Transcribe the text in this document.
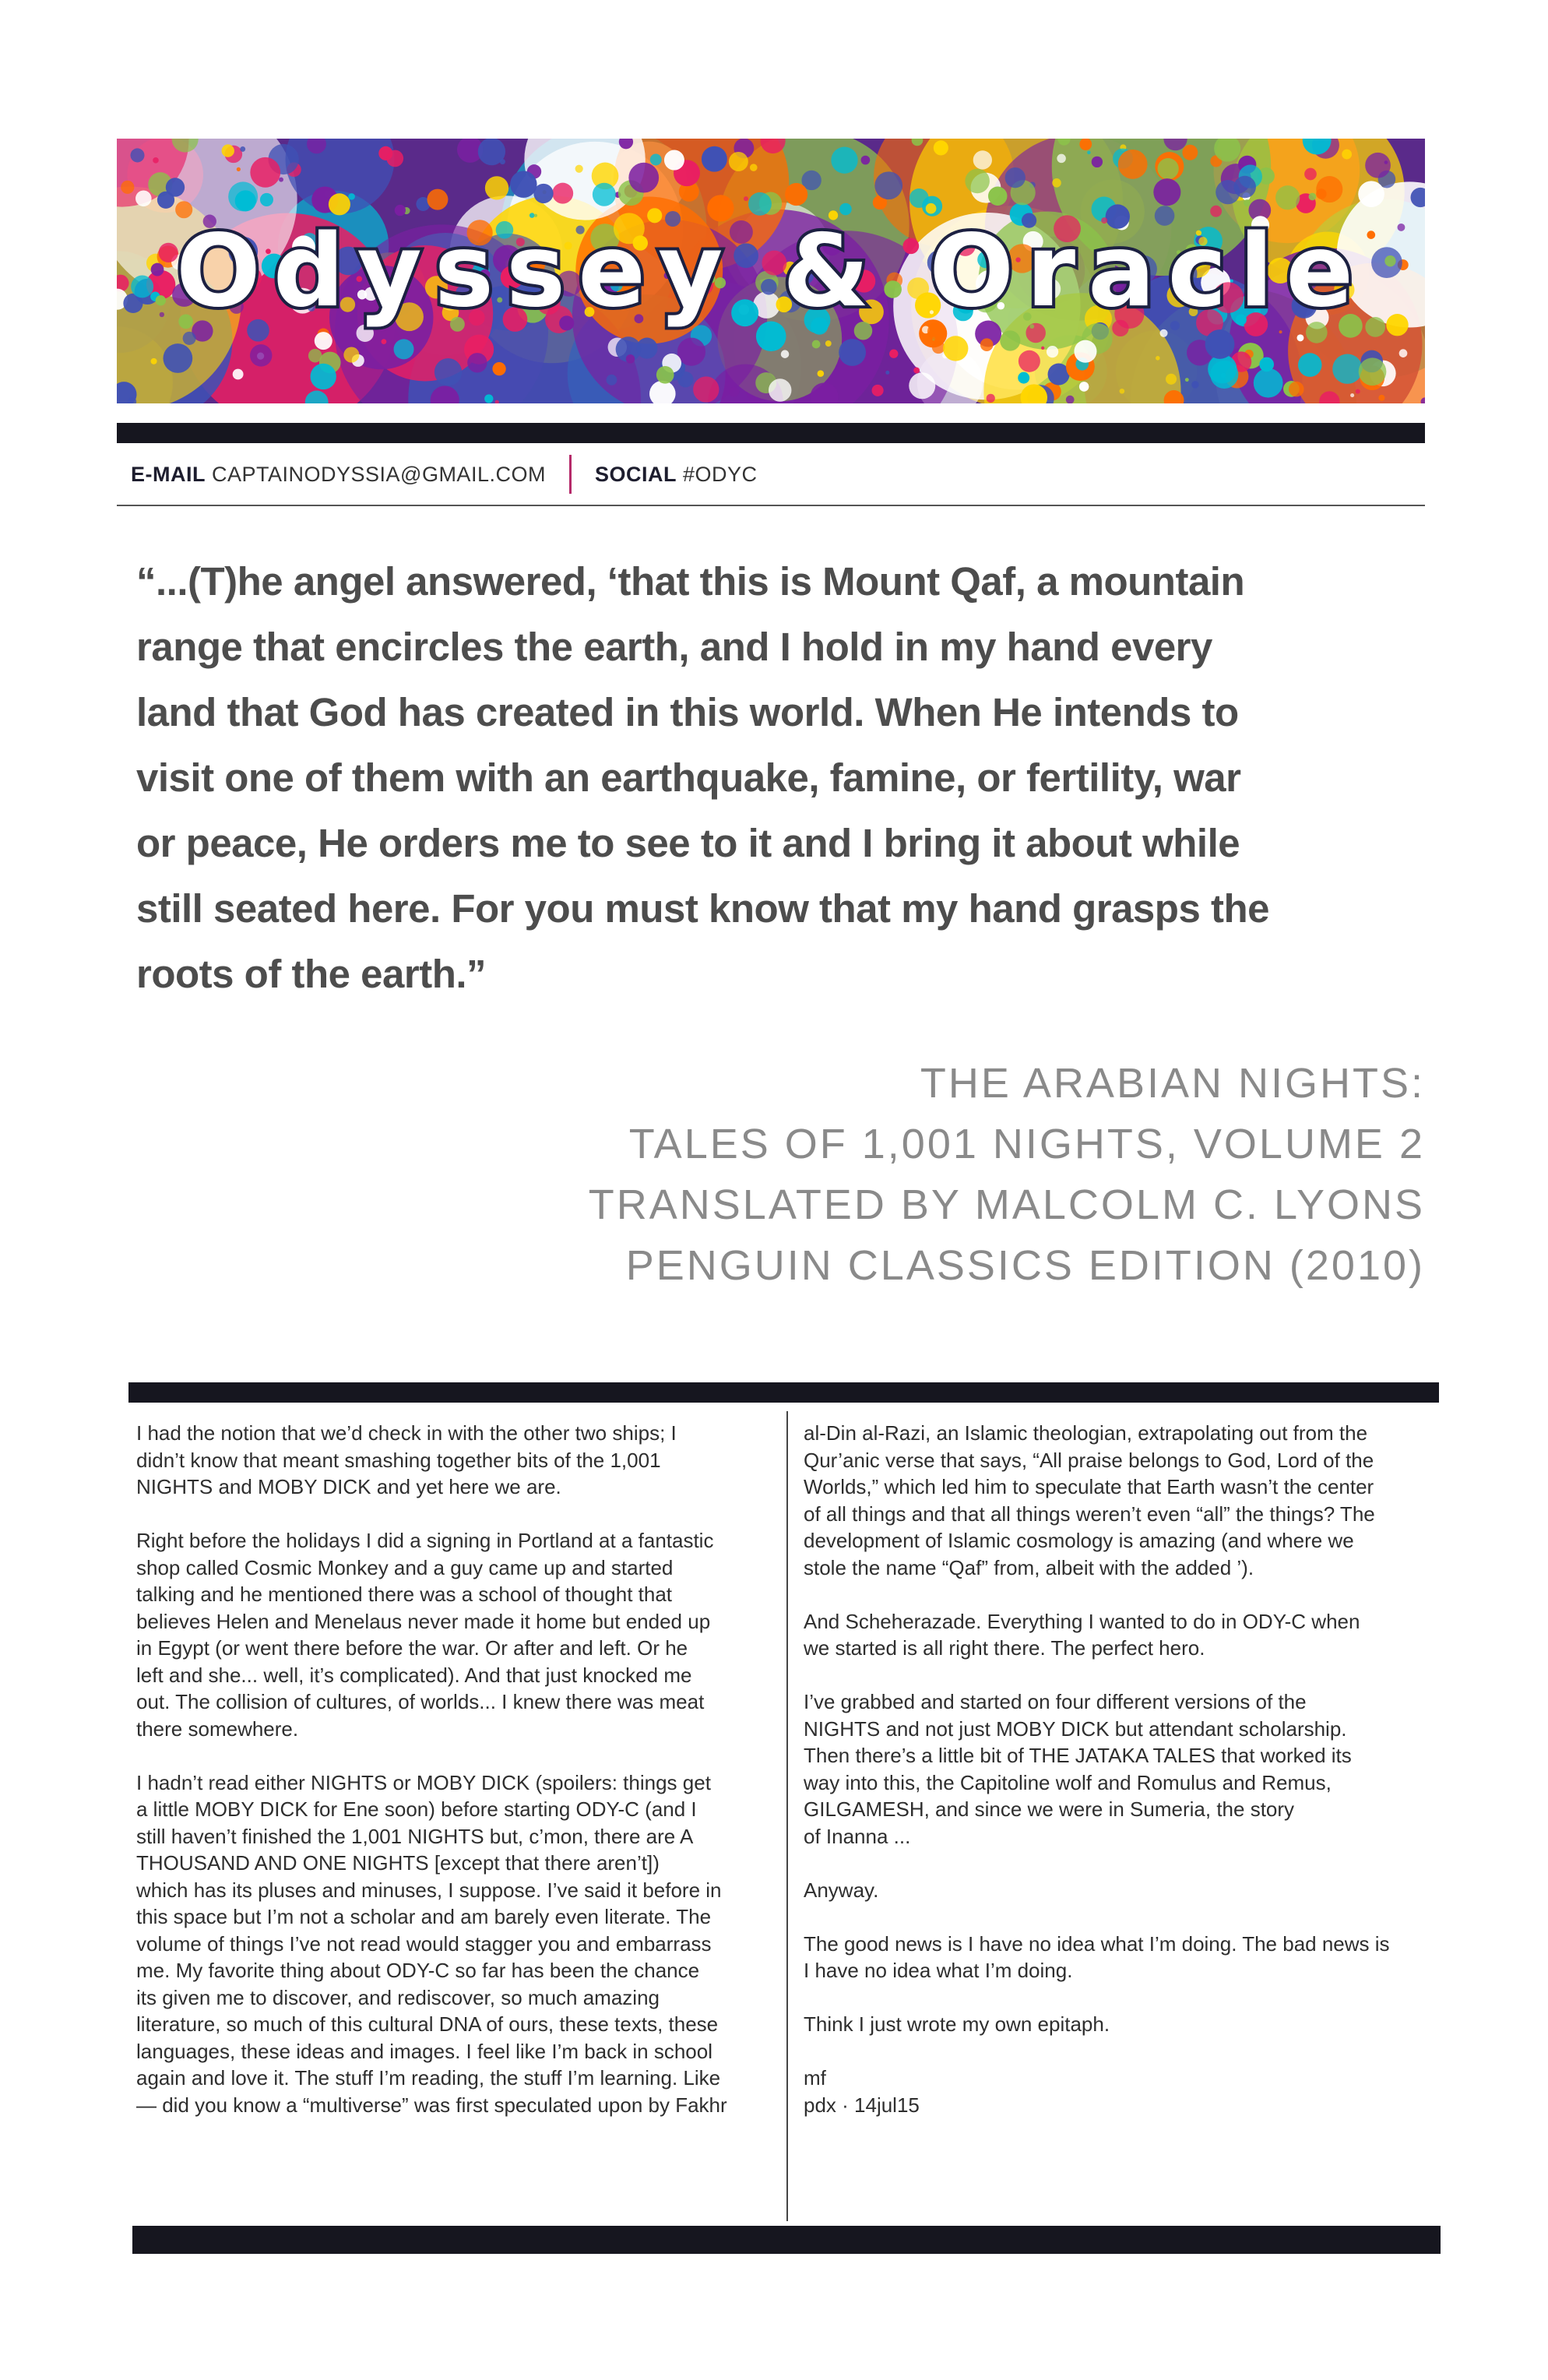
Odyssey & Oracle
E-MAIL CAPTAINODYSSIA@GMAIL.COM SOCIAL #ODYC

“...(T)he angel answered, ‘that this is Mount Qaf, a mountain

range that encircles the earth, and I hold in my hand every

land that God has created in this world. When He intends to

visit one of them with an earthquake, famine, or fertility, war

or peace, He orders me to see to it and I bring it about while

still seated here. For you must know that my hand grasps the

roots of the earth.”

THE ARABIAN NIGHTS:

TALES OF 1,001 NIGHTS, VOLUME 2

TRANSLATED BY MALCOLM C. LYONS

PENGUIN CLASSICS EDITION (2010)

I had the notion that we’d check in with the other two ships; I
didn’t know that meant smashing together bits of the 1,001
NIGHTS and MOBY DICK and yet here we are.

Right before the holidays I did a signing in Portland at a fantastic
shop called Cosmic Monkey and a guy came up and started
talking and he mentioned there was a school of thought that
believes Helen and Menelaus never made it home but ended up
in Egypt (or went there before the war. Or after and left. Or he
left and she... well, it’s complicated). And that just knocked me
out. The collision of cultures, of worlds... I knew there was meat
there somewhere.

I hadn’t read either NIGHTS or MOBY DICK (spoilers: things get
a little MOBY DICK for Ene soon) before starting ODY-C (and I
still haven’t finished the 1,001 NIGHTS but, c’mon, there are A
THOUSAND AND ONE NIGHTS [except that there aren’t])
which has its pluses and minuses, I suppose. I’ve said it before in
this space but I’m not a scholar and am barely even literate. The
volume of things I’ve not read would stagger you and embarrass
me. My favorite thing about ODY-C so far has been the chance
its given me to discover, and rediscover, so much amazing
literature, so much of this cultural DNA of ours, these texts, these
languages, these ideas and images. I feel like I’m back in school
again and love it. The stuff I’m reading, the stuff I’m learning. Like
— did you know a “multiverse” was first speculated upon by Fakhr

al-Din al-Razi, an Islamic theologian, extrapolating out from the
Qur’anic verse that says, “All praise belongs to God, Lord of the
Worlds,” which led him to speculate that Earth wasn’t the center
of all things and that all things weren’t even “all” the things? The
development of Islamic cosmology is amazing (and where we
stole the name “Qaf” from, albeit with the added ’).

And Scheherazade. Everything I wanted to do in ODY-C when
we started is all right there. The perfect hero.

I’ve grabbed and started on four different versions of the
NIGHTS and not just MOBY DICK but attendant scholarship.
Then there’s a little bit of THE JATAKA TALES that worked its
way into this, the Capitoline wolf and Romulus and Remus,
GILGAMESH, and since we were in Sumeria, the story
of Inanna ...

Anyway.

The good news is I have no idea what I’m doing. The bad news is
I have no idea what I’m doing.

Think I just wrote my own epitaph.

mf
pdx · 14jul15
